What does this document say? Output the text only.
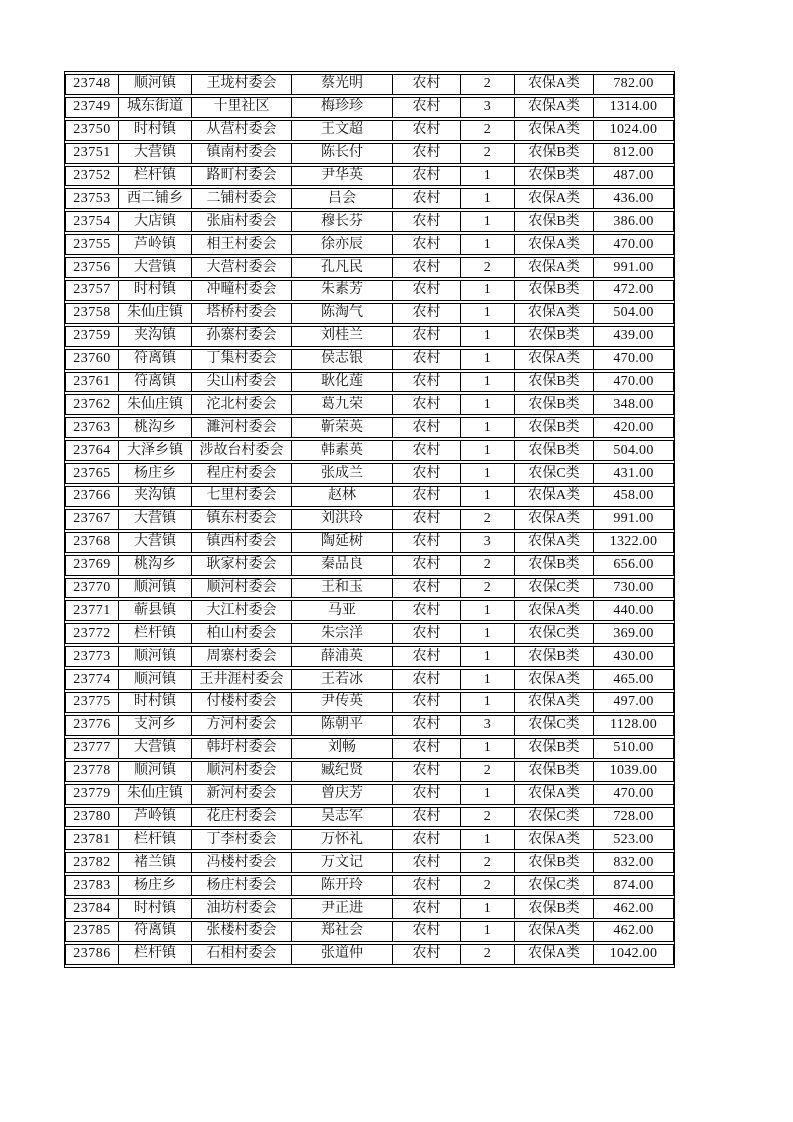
23748	顺河镇	王垅村委会	蔡光明	农村	2	农保A类	782.00
23749	城东街道	十里社区	梅珍珍	农村	3	农保A类	1314.00
23750	时村镇	从营村委会	王文超	农村	2	农保A类	1024.00
23751	大营镇	镇南村委会	陈长付	农村	2	农保B类	812.00
23752	栏杆镇	路町村委会	尹华英	农村	1	农保B类	487.00
23753	西二铺乡	二铺村委会	吕会	农村	1	农保A类	436.00
23754	大店镇	张庙村委会	穆长芬	农村	1	农保B类	386.00
23755	芦岭镇	相王村委会	徐亦辰	农村	1	农保A类	470.00
23756	大营镇	大营村委会	孔凡民	农村	2	农保A类	991.00
23757	时村镇	冲疃村委会	朱素芳	农村	1	农保B类	472.00
23758	朱仙庄镇	塔桥村委会	陈淘气	农村	1	农保A类	504.00
23759	夹沟镇	孙寨村委会	刘桂兰	农村	1	农保B类	439.00
23760	符离镇	丁集村委会	侯志银	农村	1	农保A类	470.00
23761	符离镇	尖山村委会	耿化莲	农村	1	农保B类	470.00
23762	朱仙庄镇	沱北村委会	葛九荣	农村	1	农保B类	348.00
23763	桃沟乡	濉河村委会	靳荣英	农村	1	农保B类	420.00
23764	大泽乡镇	涉故台村委会	韩素英	农村	1	农保B类	504.00
23765	杨庄乡	程庄村委会	张成兰	农村	1	农保C类	431.00
23766	夹沟镇	七里村委会	赵林	农村	1	农保A类	458.00
23767	大营镇	镇东村委会	刘洪玲	农村	2	农保A类	991.00
23768	大营镇	镇西村委会	陶延树	农村	3	农保A类	1322.00
23769	桃沟乡	耿家村委会	秦品良	农村	2	农保B类	656.00
23770	顺河镇	顺河村委会	王和玉	农村	2	农保C类	730.00
23771	蕲县镇	大江村委会	马亚	农村	1	农保A类	440.00
23772	栏杆镇	柏山村委会	朱宗洋	农村	1	农保C类	369.00
23773	顺河镇	周寨村委会	薛浦英	农村	1	农保B类	430.00
23774	顺河镇	王井涯村委会	王若冰	农村	1	农保A类	465.00
23775	时村镇	付楼村委会	尹传英	农村	1	农保A类	497.00
23776	支河乡	方河村委会	陈朝平	农村	3	农保C类	1128.00
23777	大营镇	韩圩村委会	刘畅	农村	1	农保B类	510.00
23778	顺河镇	顺河村委会	臧纪贤	农村	2	农保B类	1039.00
23779	朱仙庄镇	新河村委会	曾庆芳	农村	1	农保A类	470.00
23780	芦岭镇	花庄村委会	吴志军	农村	2	农保C类	728.00
23781	栏杆镇	丁李村委会	万怀礼	农村	1	农保A类	523.00
23782	褚兰镇	冯楼村委会	万文记	农村	2	农保B类	832.00
23783	杨庄乡	杨庄村委会	陈开玲	农村	2	农保C类	874.00
23784	时村镇	油坊村委会	尹正进	农村	1	农保B类	462.00
23785	符离镇	张楼村委会	郑社会	农村	1	农保A类	462.00
23786	栏杆镇	石相村委会	张道仲	农村	2	农保A类	1042.00
